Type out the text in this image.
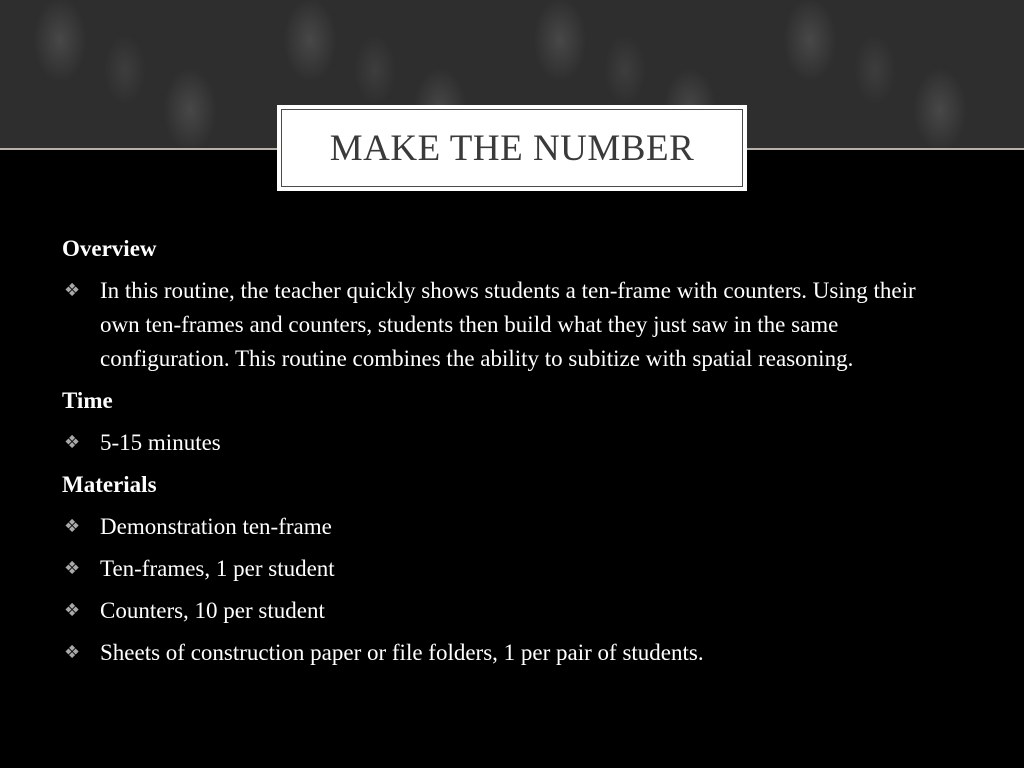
MAKE THE NUMBER
Overview
❖ In this routine, the teacher quickly shows students a ten-frame with counters. Using their own ten-frames and counters, students then build what they just saw in the same configuration. This routine combines the ability to subitize with spatial reasoning.
Time
❖ 5-15 minutes
Materials
❖ Demonstration ten-frame
❖ Ten-frames, 1 per student
❖ Counters, 10 per student
❖ Sheets of construction paper or file folders, 1 per pair of students.
